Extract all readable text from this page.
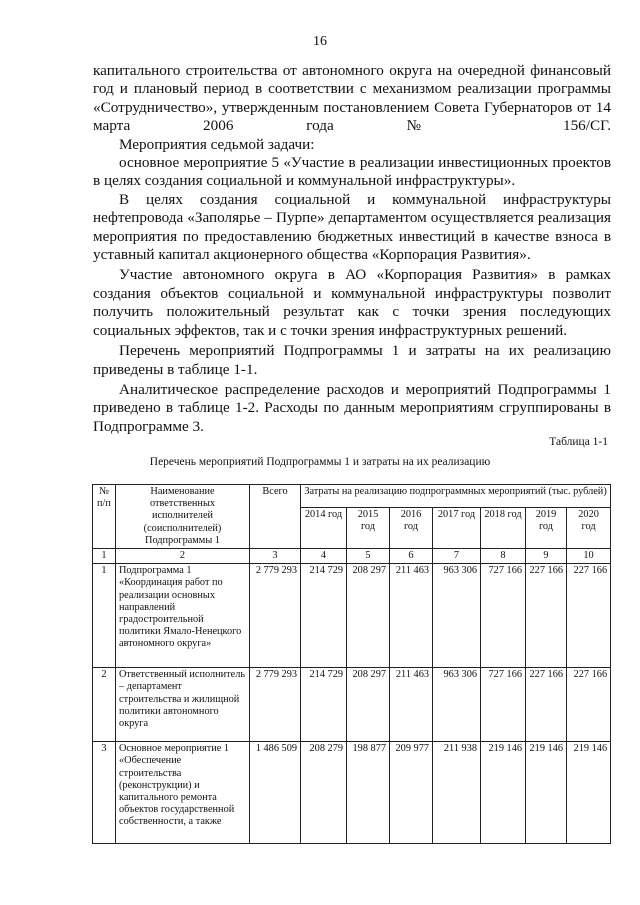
16

капитального строительства от автономного округа на очередной финансовый год и плановый период в соответствии с механизмом реализации программы «Сотрудничество», утвержденным постановлением Совета Губернаторов от 14 марта 2006 года № 156/СГ.

Мероприятия седьмой задачи:

основное мероприятие 5 «Участие в реализации инвестиционных проектов в целях создания социальной и коммунальной инфраструктуры».

В целях создания социальной и коммунальной инфраструктуры нефтепровода «Заполярье – Пурпе» департаментом осуществляется реализация мероприятия по предоставлению бюджетных инвестиций в качестве взноса в уставный капитал акционерного общества «Корпорация Развития».

Участие автономного округа в АО «Корпорация Развития» в рамках создания объектов социальной и коммунальной инфраструктуры позволит получить положительный результат как с точки зрения последующих социальных эффектов, так и с точки зрения инфраструктурных решений.

Перечень мероприятий Подпрограммы 1 и затраты на их реализацию приведены в таблице 1-1.

Аналитическое распределение расходов и мероприятий Подпрограммы 1 приведено в таблице 1-2. Расходы по данным мероприятиям сгруппированы в Подпрограмме 3.

Таблица 1-1
Перечень мероприятий Подпрограммы 1 и затраты на их реализацию
№ п/п	Наименование ответственных исполнителей (соисполнителей) Подпрограммы 1	Всего	Затраты на реализацию подпрограммных мероприятий (тыс. рублей)						
			2014 год	2015 год	2016 год	2017 год	2018 год	2019 год	2020 год
1	2	3	4	5	6	7	8	9	10
1	Подпрограмма 1 «Координация работ по реализации основных направлений градостроительной политики Ямало-Ненецкого автономного округа»	2 779 293	214 729	208 297	211 463	963 306	727 166	227 166	227 166
2	Ответственный исполнитель – департамент строительства и жилищной политики автономного округа	2 779 293	214 729	208 297	211 463	963 306	727 166	227 166	227 166
3	Основное мероприятие 1 «Обеспечение строительства (реконструкции) и капитального ремонта объектов государственной собственности, а также	1 486 509	208 279	198 877	209 977	211 938	219 146	219 146	219 146
